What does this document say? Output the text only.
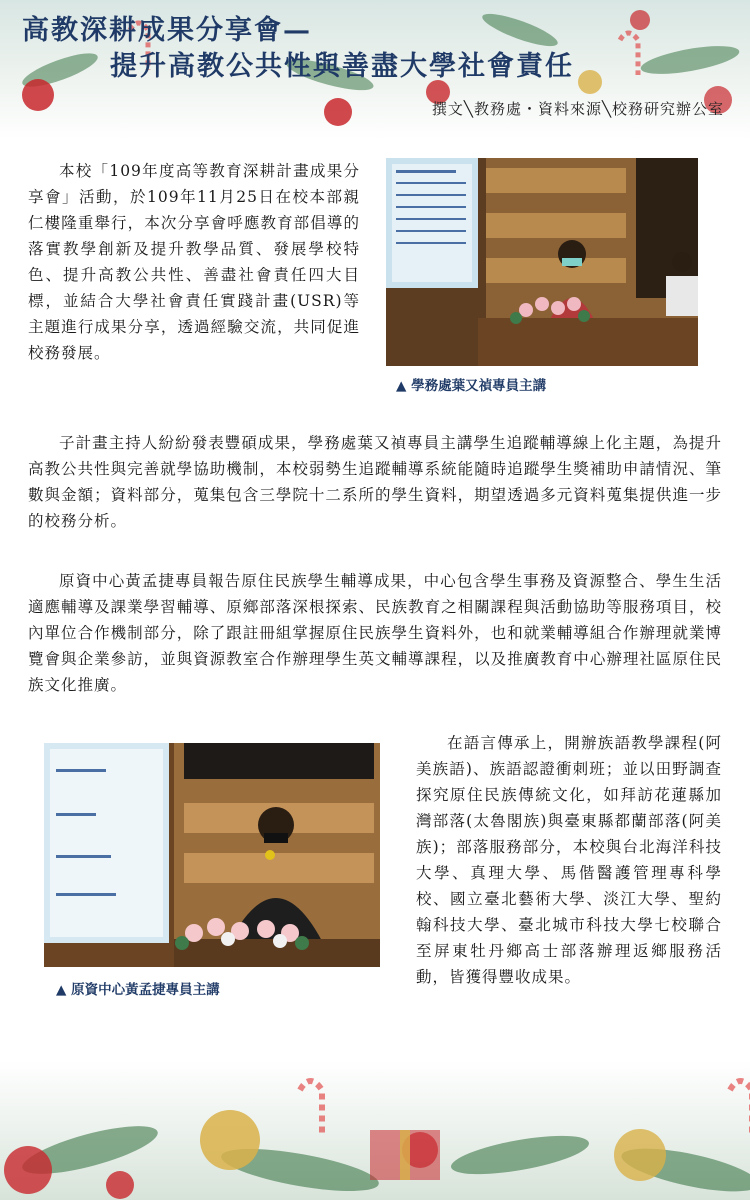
高教深耕成果分享會—
提升高教公共性與善盡大學社會責任
撰文╲教務處・資料來源╲校務研究辦公室

本校「109年度高等教育深耕計畫成果分享會」活動，於109年11月25日在校本部親仁樓隆重舉行，本次分享會呼應教育部倡導的落實教學創新及提升教學品質、發展學校特色、提升高教公共性、善盡社會責任四大目標，並結合大學社會責任實踐計畫(USR)等主題進行成果分享，透過經驗交流，共同促進校務發展。

▲ 學務處葉又禎專員主講

子計畫主持人紛紛發表豐碩成果，學務處葉又禎專員主講學生追蹤輔導線上化主題，為提升高教公共性與完善就學協助機制，本校弱勢生追蹤輔導系統能隨時追蹤學生獎補助申請情況、筆數與金額；資料部分，蒐集包含三學院十二系所的學生資料，期望透過多元資料蒐集提供進一步的校務分析。

原資中心黃孟捷專員報告原住民族學生輔導成果，中心包含學生事務及資源整合、學生生活適應輔導及課業學習輔導、原鄉部落深根探索、民族教育之相關課程與活動協助等服務項目，校內單位合作機制部分，除了跟註冊組掌握原住民族學生資料外，也和就業輔導組合作辦理就業博覽會與企業參訪，並與資源教室合作辦理學生英文輔導課程，以及推廣教育中心辦理社區原住民族文化推廣。

▲ 原資中心黃孟捷專員主講

在語言傳承上，開辦族語教學課程(阿美族語)、族語認證衝刺班；並以田野調查探究原住民族傳統文化，如拜訪花蓮縣加灣部落(太魯閣族)與臺東縣都蘭部落(阿美族)；部落服務部分，本校與台北海洋科技大學、真理大學、馬偕醫護管理專科學校、國立臺北藝術大學、淡江大學、聖約翰科技大學、臺北城市科技大學七校聯合至屏東牡丹鄉高士部落辦理返鄉服務活動，皆獲得豐收成果。
